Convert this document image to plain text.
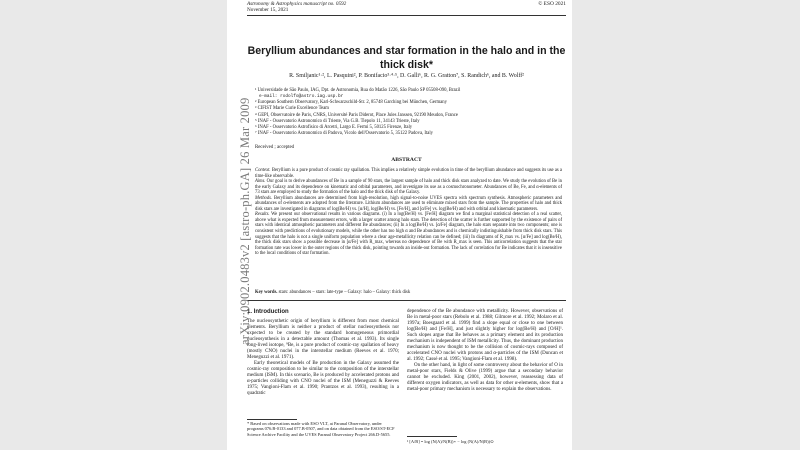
Astronomy & Astrophysics manuscript no. 0592
November 15, 2021
© ESO 2021
Beryllium abundances and star formation in the halo and in the thick disk*
R. Smiljanic¹·², L. Pasquini², P. Bonifacio³·⁴·⁵, D. Galli⁶, R. G. Gratton⁷, S. Randich⁶, and B. Wolff²
¹ Universidade de São Paulo, IAG, Dpt. de Astronomia, Rua do Matão 1226, São Paulo SP 05508-090, Brazil
e-mail: rodolfo@astro.iag.usp.br
² European Southern Observatory, Karl-Schwarzschild-Str. 2, 85748 Garching bei München, Germany
³ CIFIST Marie Curie Excellence Team
⁴ GEPI, Observatoire de Paris, CNRS, Université Paris Diderot, Place Jules Janssen, 92190 Meudon, France
⁵ INAF - Osservatorio Astronomico di Trieste, Via G.B. Tiepolo 11, 34143 Trieste, Italy
⁶ INAF - Osservatorio Astrofisico di Arcetri, Largo E. Fermi 5, 50125 Firenze, Italy
⁷ INAF - Osservatorio Astronomico di Padova, Vicolo dell'Osservatorio 5, 35122 Padova, Italy
Received ; accepted
ABSTRACT

Context. Beryllium is a pure product of cosmic ray spallation. This implies a relatively simple evolution in time of the beryllium abundance and suggests its use as a time-like observable.

Aims. Our goal is to derive abundances of Be in a sample of 90 stars, the largest sample of halo and thick disk stars analyzed to date. We study the evolution of Be in the early Galaxy and its dependence on kinematic and orbital parameters, and investigate its use as a cosmochronometer. Abundances of Be, Fe, and α-elements of 73 stars are employed to study the formation of the halo and the thick disk of the Galaxy.

Methods. Beryllium abundances are determined from high-resolution, high signal-to-noise UVES spectra with spectrum synthesis. Atmospheric parameters and abundances of α-elements are adopted from the literature. Lithium abundances are used to eliminate mixed stars from the sample. The properties of halo and thick disk stars are investigated in diagrams of log(Be/H) vs. [α/H], log(Be/H) vs. [Fe/H], and [α/Fe] vs. log(Be/H) and with orbital and kinematic parameters.

Results. We present our observational results in various diagrams. (i) In a log(Be/H) vs. [Fe/H] diagram we find a marginal statistical detection of a real scatter, above what is expected from measurement errors, with a larger scatter among halo stars. The detection of the scatter is further supported by the existence of pairs of stars with identical atmospheric parameters and different Be abundances; (ii) In a log(Be/H) vs. [α/Fe] diagram, the halo stars separate into two components; one is consistent with predictions of evolutionary models, while the other has too high α and Be abundances and is chemically indistinguishable from thick disk stars. This suggests that the halo is not a single uniform population where a clear age-metallicity relation can be defined; (iii) In diagrams of R_max vs. [α/Fe] and log(Be/H), the thick disk stars show a possible decrease in [α/Fe] with R_max, whereas no dependence of Be with R_max is seen. This anticorrelation suggests that the star formation rate was lower in the outer regions of the thick disk, pointing towards an inside-out formation. The lack of correlation for Be indicates that it is insensitive to the local conditions of star formation.

Key words. stars: abundances – stars: late-type – Galaxy: halo – Galaxy: thick disk
1. Introduction

The nucleosynthetic origin of beryllium is different from most chemical elements. Beryllium is neither a product of stellar nucleosynthesis nor expected to be created by the standard homogeneous primordial nucleosynthesis in a detectable amount (Thomas et al. 1993). Its single long-lived isotope, ⁹Be, is a pure product of cosmic-ray spallation of heavy (mostly CNO) nuclei in the interstellar medium (Reeves et al. 1970; Meneguzzi et al. 1971).

Early theoretical models of Be production in the Galaxy assumed the cosmic-ray composition to be similar to the composition of the interstellar medium (ISM). In this scenario, Be is produced by accelerated protons and α-particles colliding with CNO nuclei of the ISM (Meneguzzi & Reeves 1975; Vangioni-Flam et al. 1990; Prantzos et al. 1993), resulting in a quadratic

dependence of the Be abundance with metallicity. However, observations of Be in metal-poor stars (Rebolo et al. 1988; Gilmore et al. 1992; Molaro et al. 1997a; Boesgaard et al. 1999) find a slope equal or close to one between log(Be/H) and [Fe/H], and just slightly higher for log(Be/H) and [O/H]¹. Such slopes argue that Be behaves as a primary element and its production mechanism is independent of ISM metallicity. Thus, the dominant production mechanism is now thought to be the collision of cosmic-rays composed of accelerated CNO nuclei with protons and α-particles of the ISM (Duncan et al. 1992; Cassé et al. 1995; Vangioni-Flam et al. 1998).

On the other hand, in light of some controversy about the behavior of O in metal-poor stars, Fields & Olive (1999) argue that a secondary behavior cannot be excluded. King (2001, 2002), however, reassessing data of different oxygen indicators, as well as data for other α-elements, show that a metal-poor primary mechanism is necessary to explain the observations.

* Based on observations made with ESO VLT, at Paranal Observatory, under programs 076.B-0133 and 077.B-0507, and on data obtained from the ESO/ST-ECF Science Archive Facility and the UVES Paranal Observatory Project 266.D-5655.
¹ [A/B] = log (N(A)/N(B))⋆ − log (N(A)/N(B))⊙
arXiv:0902.0483v2 [astro-ph.GA] 26 Mar 2009
